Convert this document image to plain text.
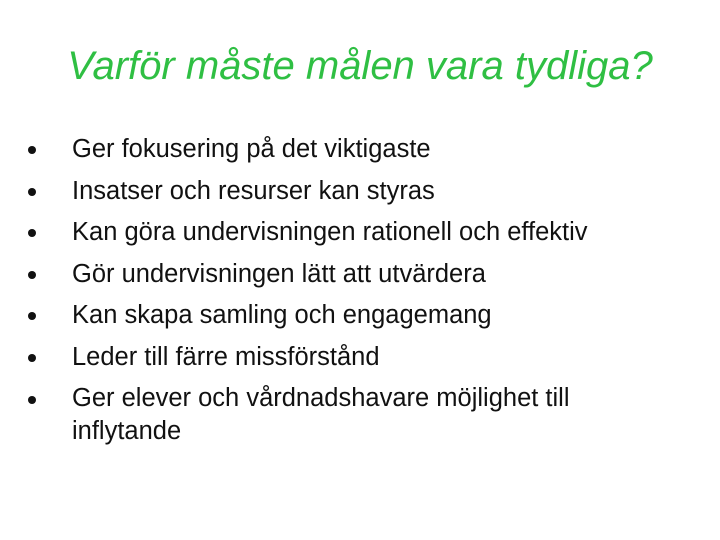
Varför måste målen vara tydliga?
Ger fokusering på det viktigaste
Insatser och resurser kan styras
Kan göra undervisningen rationell och effektiv
Gör undervisningen lätt att utvärdera
Kan skapa samling och engagemang
Leder till färre missförstånd
Ger elever och vårdnadshavare möjlighet till inflytande
